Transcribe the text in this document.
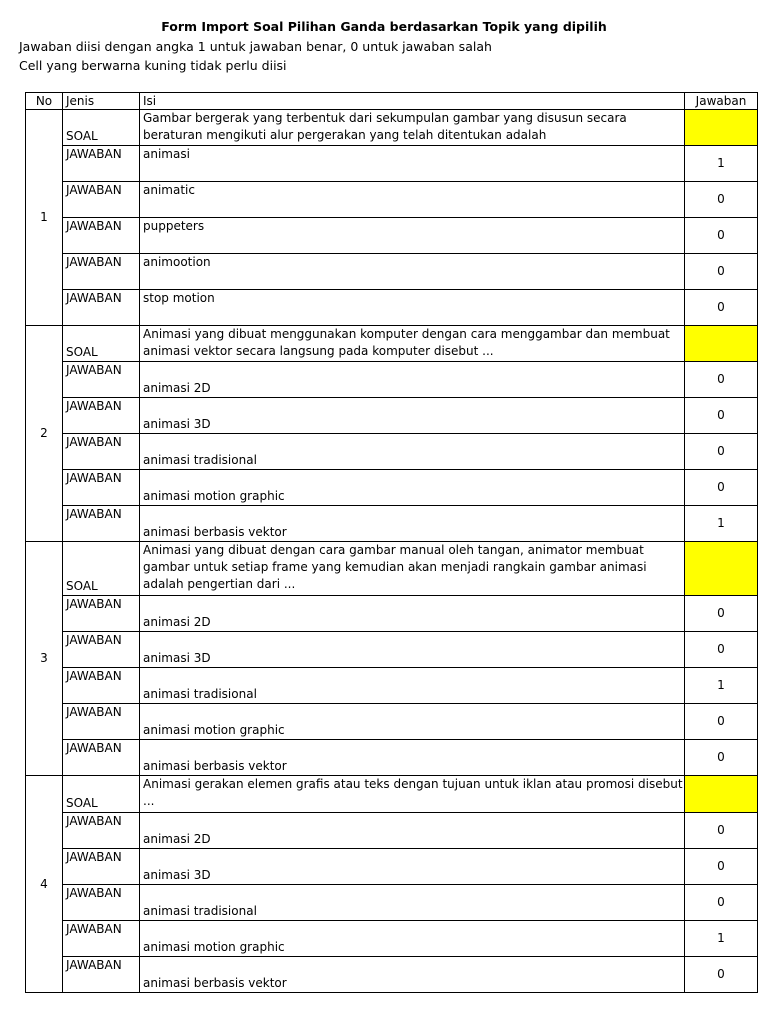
Form Import Soal Pilihan Ganda berdasarkan Topik yang dipilih
Jawaban diisi dengan angka 1 untuk jawaban benar, 0 untuk jawaban salah
Cell yang berwarna kuning tidak perlu diisi
No	Jenis	Isi	Jawaban
1	SOAL	Gambar bergerak yang terbentuk dari sekumpulan gambar yang disusun secara beraturan mengikuti alur pergerakan yang telah ditentukan adalah	
	JAWABAN	animasi	1
	JAWABAN	animatic	0
	JAWABAN	puppeters	0
	JAWABAN	animootion	0
	JAWABAN	stop motion	0
2	SOAL	Animasi yang dibuat menggunakan komputer dengan cara menggambar dan membuat animasi vektor secara langsung pada komputer disebut ...	
	JAWABAN	animasi 2D	0
	JAWABAN	animasi 3D	0
	JAWABAN	animasi tradisional	0
	JAWABAN	animasi motion graphic	0
	JAWABAN	animasi berbasis vektor	1
3	SOAL	Animasi yang dibuat dengan cara gambar manual oleh tangan, animator membuat gambar untuk setiap frame yang kemudian akan menjadi rangkain gambar animasi adalah pengertian dari ...	
	JAWABAN	animasi 2D	0
	JAWABAN	animasi 3D	0
	JAWABAN	animasi tradisional	1
	JAWABAN	animasi motion graphic	0
	JAWABAN	animasi berbasis vektor	0
4	SOAL	Animasi gerakan elemen grafis atau teks dengan tujuan untuk iklan atau promosi disebut ...	
	JAWABAN	animasi 2D	0
	JAWABAN	animasi 3D	0
	JAWABAN	animasi tradisional	0
	JAWABAN	animasi motion graphic	1
	JAWABAN	animasi berbasis vektor	0
